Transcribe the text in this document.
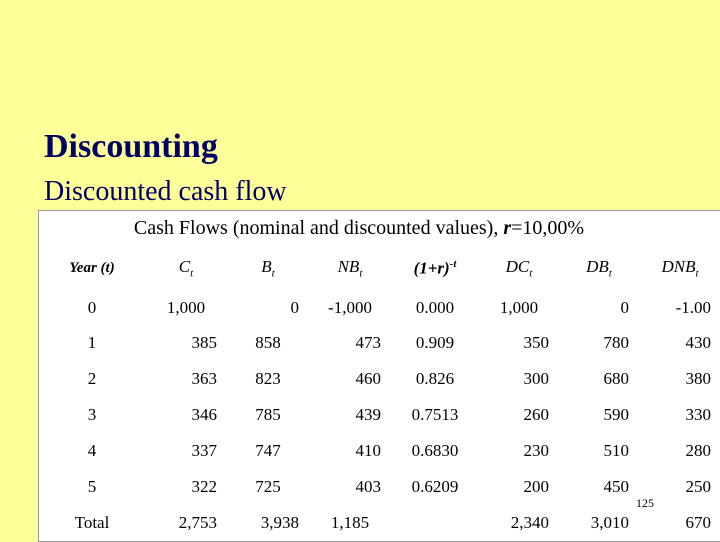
Discounting
Discounted cash flow
Cash Flows (nominal and discounted values), r=10,00%
Year (t)	$C_t$	$B_t$	$NB_t$	$(1+r)^{-t}$	$DC_t$	$DB_t$	$DNB_t$
0	1,000	0	-1,000	0.000	1,000	0	-1.00
1	385	858	473	0.909	350	780	430
2	363	823	460	0.826	300	680	380
3	346	785	439	0.7513	260	590	330
4	337	747	410	0.6830	230	510	280
5	322	725	403	0.6209	200	450	250
Total	2,753	3,938	1,185		2,340	3,010	670
125
